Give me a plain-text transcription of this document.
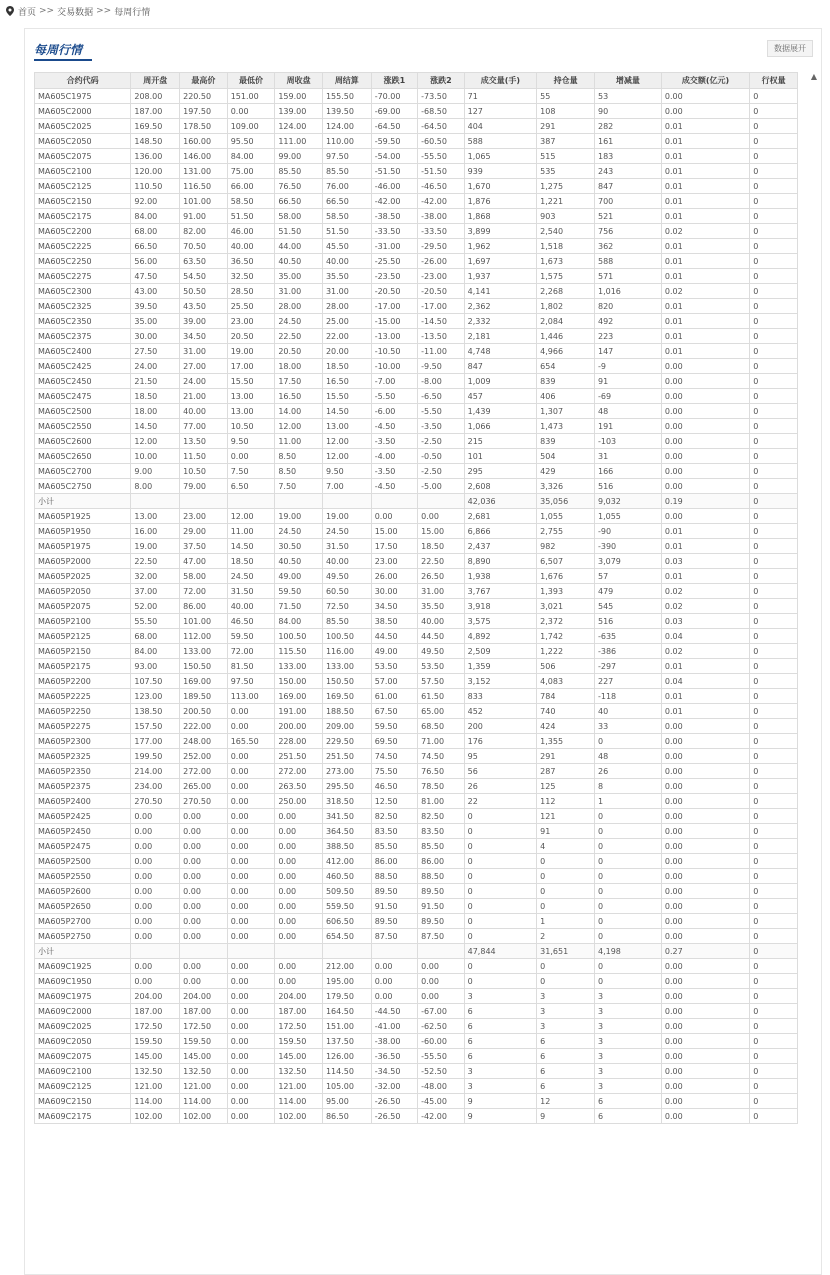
首页 >> 交易数据 >> 每周行情
每周行情	数据展开
▲
合约代码	周开盘	最高价	最低价	周收盘	周结算	涨跌1	涨跌2	成交量(手)	持仓量	增减量	成交额(亿元)	行权量
MA605C1975	208.00	220.50	151.00	159.00	155.50	-70.00	-73.50	71	55	53	0.00	0
MA605C2000	187.00	197.50	0.00	139.00	139.50	-69.00	-68.50	127	108	90	0.00	0
MA605C2025	169.50	178.50	109.00	124.00	124.00	-64.50	-64.50	404	291	282	0.01	0
MA605C2050	148.50	160.00	95.50	111.00	110.00	-59.50	-60.50	588	387	161	0.01	0
MA605C2075	136.00	146.00	84.00	99.00	97.50	-54.00	-55.50	1,065	515	183	0.01	0
MA605C2100	120.00	131.00	75.00	85.50	85.50	-51.50	-51.50	939	535	243	0.01	0
MA605C2125	110.50	116.50	66.00	76.50	76.00	-46.00	-46.50	1,670	1,275	847	0.01	0
MA605C2150	92.00	101.00	58.50	66.50	66.50	-42.00	-42.00	1,876	1,221	700	0.01	0
MA605C2175	84.00	91.00	51.50	58.00	58.50	-38.50	-38.00	1,868	903	521	0.01	0
MA605C2200	68.00	82.00	46.00	51.50	51.50	-33.50	-33.50	3,899	2,540	756	0.02	0
MA605C2225	66.50	70.50	40.00	44.00	45.50	-31.00	-29.50	1,962	1,518	362	0.01	0
MA605C2250	56.00	63.50	36.50	40.50	40.00	-25.50	-26.00	1,697	1,673	588	0.01	0
MA605C2275	47.50	54.50	32.50	35.00	35.50	-23.50	-23.00	1,937	1,575	571	0.01	0
MA605C2300	43.00	50.50	28.50	31.00	31.00	-20.50	-20.50	4,141	2,268	1,016	0.02	0
MA605C2325	39.50	43.50	25.50	28.00	28.00	-17.00	-17.00	2,362	1,802	820	0.01	0
MA605C2350	35.00	39.00	23.00	24.50	25.00	-15.00	-14.50	2,332	2,084	492	0.01	0
MA605C2375	30.00	34.50	20.50	22.50	22.00	-13.00	-13.50	2,181	1,446	223	0.01	0
MA605C2400	27.50	31.00	19.00	20.50	20.00	-10.50	-11.00	4,748	4,966	147	0.01	0
MA605C2425	24.00	27.00	17.00	18.00	18.50	-10.00	-9.50	847	654	-9	0.00	0
MA605C2450	21.50	24.00	15.50	17.50	16.50	-7.00	-8.00	1,009	839	91	0.00	0
MA605C2475	18.50	21.00	13.00	16.50	15.50	-5.50	-6.50	457	406	-69	0.00	0
MA605C2500	18.00	40.00	13.00	14.00	14.50	-6.00	-5.50	1,439	1,307	48	0.00	0
MA605C2550	14.50	77.00	10.50	12.00	13.00	-4.50	-3.50	1,066	1,473	191	0.00	0
MA605C2600	12.00	13.50	9.50	11.00	12.00	-3.50	-2.50	215	839	-103	0.00	0
MA605C2650	10.00	11.50	0.00	8.50	12.00	-4.00	-0.50	101	504	31	0.00	0
MA605C2700	9.00	10.50	7.50	8.50	9.50	-3.50	-2.50	295	429	166	0.00	0
MA605C2750	8.00	79.00	6.50	7.50	7.00	-4.50	-5.00	2,608	3,326	516	0.00	0
小计								42,036	35,056	9,032	0.19	0
MA605P1925	13.00	23.00	12.00	19.00	19.00	0.00	0.00	2,681	1,055	1,055	0.00	0
MA605P1950	16.00	29.00	11.00	24.50	24.50	15.00	15.00	6,866	2,755	-90	0.01	0
MA605P1975	19.00	37.50	14.50	30.50	31.50	17.50	18.50	2,437	982	-390	0.01	0
MA605P2000	22.50	47.00	18.50	40.50	40.00	23.00	22.50	8,890	6,507	3,079	0.03	0
MA605P2025	32.00	58.00	24.50	49.00	49.50	26.00	26.50	1,938	1,676	57	0.01	0
MA605P2050	37.00	72.00	31.50	59.50	60.50	30.00	31.00	3,767	1,393	479	0.02	0
MA605P2075	52.00	86.00	40.00	71.50	72.50	34.50	35.50	3,918	3,021	545	0.02	0
MA605P2100	55.50	101.00	46.50	84.00	85.50	38.50	40.00	3,575	2,372	516	0.03	0
MA605P2125	68.00	112.00	59.50	100.50	100.50	44.50	44.50	4,892	1,742	-635	0.04	0
MA605P2150	84.00	133.00	72.00	115.50	116.00	49.00	49.50	2,509	1,222	-386	0.02	0
MA605P2175	93.00	150.50	81.50	133.00	133.00	53.50	53.50	1,359	506	-297	0.01	0
MA605P2200	107.50	169.00	97.50	150.00	150.50	57.00	57.50	3,152	4,083	227	0.04	0
MA605P2225	123.00	189.50	113.00	169.00	169.50	61.00	61.50	833	784	-118	0.01	0
MA605P2250	138.50	200.50	0.00	191.00	188.50	67.50	65.00	452	740	40	0.01	0
MA605P2275	157.50	222.00	0.00	200.00	209.00	59.50	68.50	200	424	33	0.00	0
MA605P2300	177.00	248.00	165.50	228.00	229.50	69.50	71.00	176	1,355	0	0.00	0
MA605P2325	199.50	252.00	0.00	251.50	251.50	74.50	74.50	95	291	48	0.00	0
MA605P2350	214.00	272.00	0.00	272.00	273.00	75.50	76.50	56	287	26	0.00	0
MA605P2375	234.00	265.00	0.00	263.50	295.50	46.50	78.50	26	125	8	0.00	0
MA605P2400	270.50	270.50	0.00	250.00	318.50	12.50	81.00	22	112	1	0.00	0
MA605P2425	0.00	0.00	0.00	0.00	341.50	82.50	82.50	0	121	0	0.00	0
MA605P2450	0.00	0.00	0.00	0.00	364.50	83.50	83.50	0	91	0	0.00	0
MA605P2475	0.00	0.00	0.00	0.00	388.50	85.50	85.50	0	4	0	0.00	0
MA605P2500	0.00	0.00	0.00	0.00	412.00	86.00	86.00	0	0	0	0.00	0
MA605P2550	0.00	0.00	0.00	0.00	460.50	88.50	88.50	0	0	0	0.00	0
MA605P2600	0.00	0.00	0.00	0.00	509.50	89.50	89.50	0	0	0	0.00	0
MA605P2650	0.00	0.00	0.00	0.00	559.50	91.50	91.50	0	0	0	0.00	0
MA605P2700	0.00	0.00	0.00	0.00	606.50	89.50	89.50	0	1	0	0.00	0
MA605P2750	0.00	0.00	0.00	0.00	654.50	87.50	87.50	0	2	0	0.00	0
小计								47,844	31,651	4,198	0.27	0
MA609C1925	0.00	0.00	0.00	0.00	212.00	0.00	0.00	0	0	0	0.00	0
MA609C1950	0.00	0.00	0.00	0.00	195.00	0.00	0.00	0	0	0	0.00	0
MA609C1975	204.00	204.00	0.00	204.00	179.50	0.00	0.00	3	3	3	0.00	0
MA609C2000	187.00	187.00	0.00	187.00	164.50	-44.50	-67.00	6	3	3	0.00	0
MA609C2025	172.50	172.50	0.00	172.50	151.00	-41.00	-62.50	6	3	3	0.00	0
MA609C2050	159.50	159.50	0.00	159.50	137.50	-38.00	-60.00	6	6	3	0.00	0
MA609C2075	145.00	145.00	0.00	145.00	126.00	-36.50	-55.50	6	6	3	0.00	0
MA609C2100	132.50	132.50	0.00	132.50	114.50	-34.50	-52.50	3	6	3	0.00	0
MA609C2125	121.00	121.00	0.00	121.00	105.00	-32.00	-48.00	3	6	3	0.00	0
MA609C2150	114.00	114.00	0.00	114.00	95.00	-26.50	-45.00	9	12	6	0.00	0
MA609C2175	102.00	102.00	0.00	102.00	86.50	-26.50	-42.00	9	9	6	0.00	0
